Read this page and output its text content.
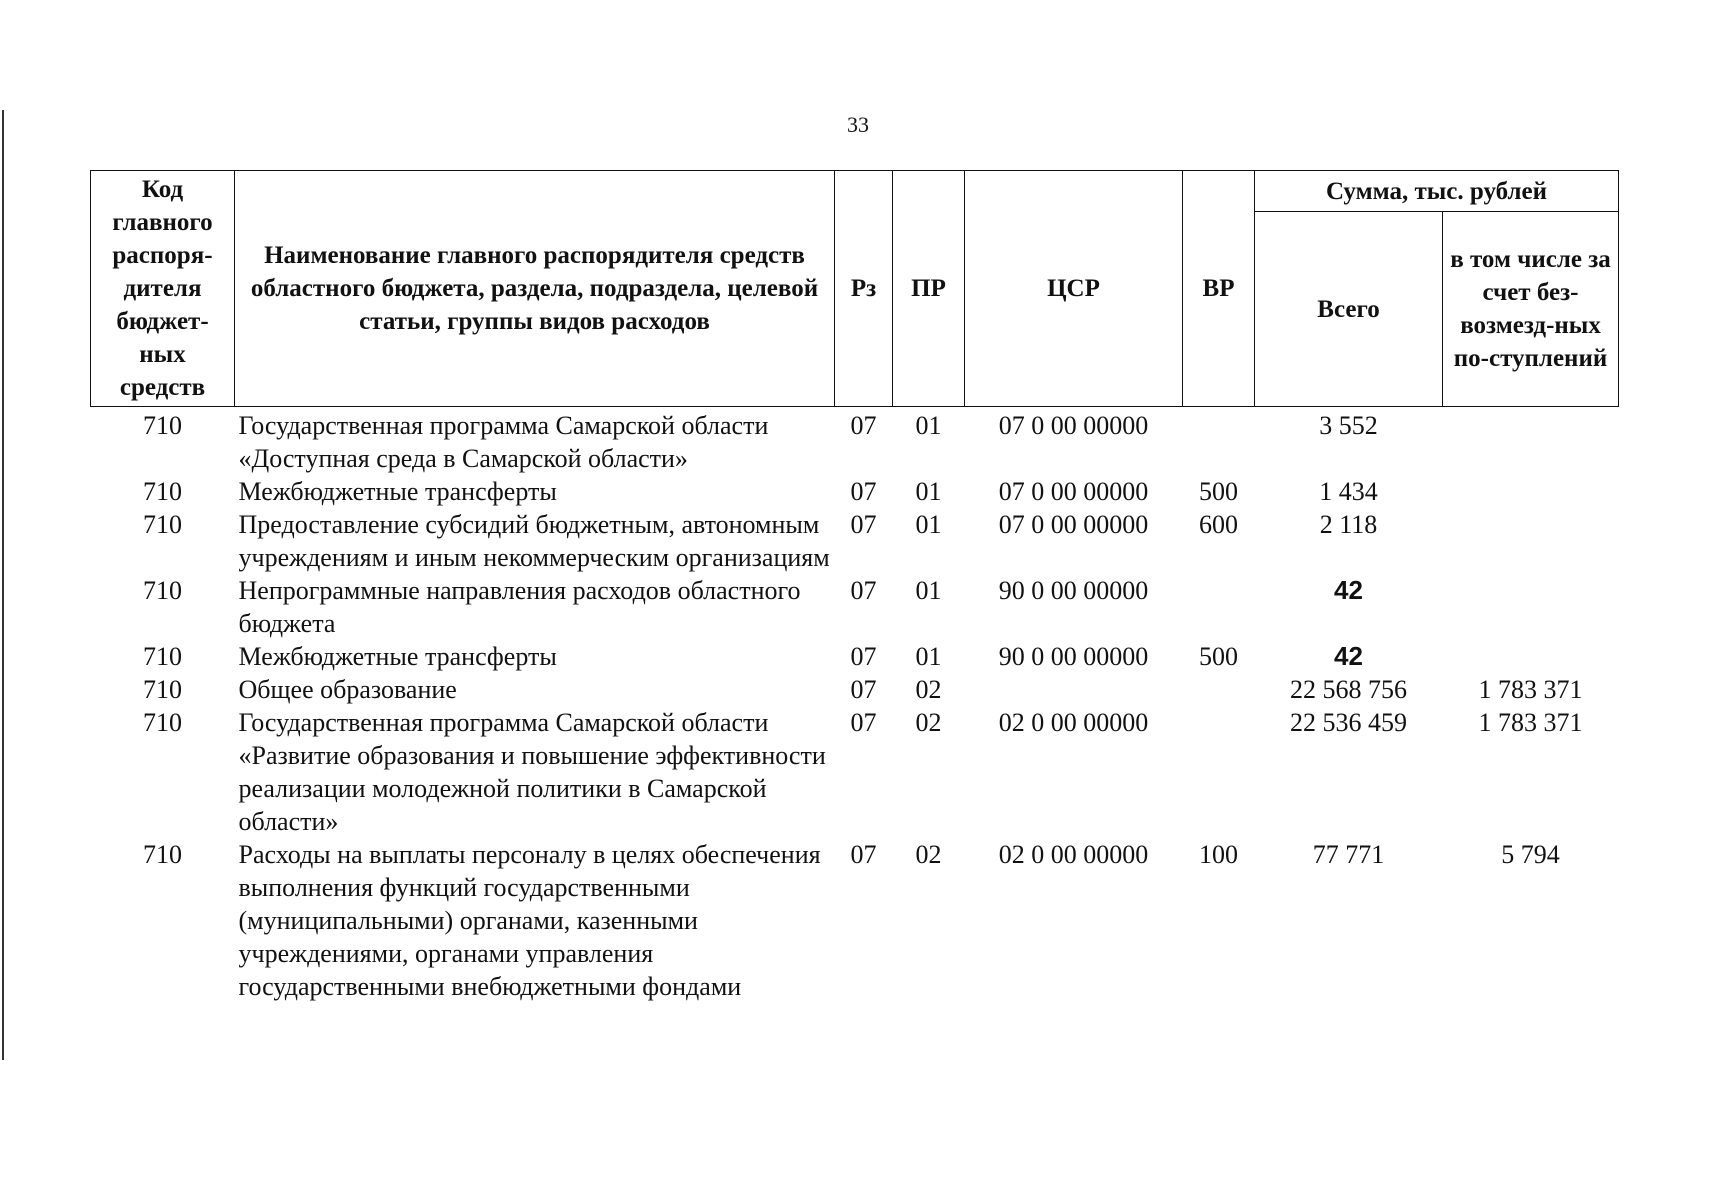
33
Код главного распоря-дителя бюджет-ных средств	Наименование главного распорядителя средств областного бюджета, раздела, подраздела, целевой статьи, группы видов расходов	Рз	ПР	ЦСР	ВР	Сумма, тыс. рублей	
						Всего	в том числе за счет без-возмезд-ных по-ступлений
710	Государственная программа Самарской области «Доступная среда в Самарской области»	07	01	07 0 00 00000		3 552	
710	Межбюджетные трансферты	07	01	07 0 00 00000	500	1 434	
710	Предоставление субсидий бюджетным, автономным учреждениям и иным некоммерческим организациям	07	01	07 0 00 00000	600	2 118	
710	Непрограммные направления расходов областного бюджета	07	01	90 0 00 00000		42	
710	Межбюджетные трансферты	07	01	90 0 00 00000	500	42	
710	Общее образование	07	02			22 568 756	1 783 371
710	Государственная программа Самарской области «Развитие образования и повышение эффективности реализации молодежной политики в Самарской области»	07	02	02 0 00 00000		22 536 459	1 783 371
710	Расходы на выплаты персоналу в целях обеспечения выполнения функций государственными (муниципальными) органами, казенными учреждениями, органами управления государственными внебюджетными фондами	07	02	02 0 00 00000	100	77 771	5 794
